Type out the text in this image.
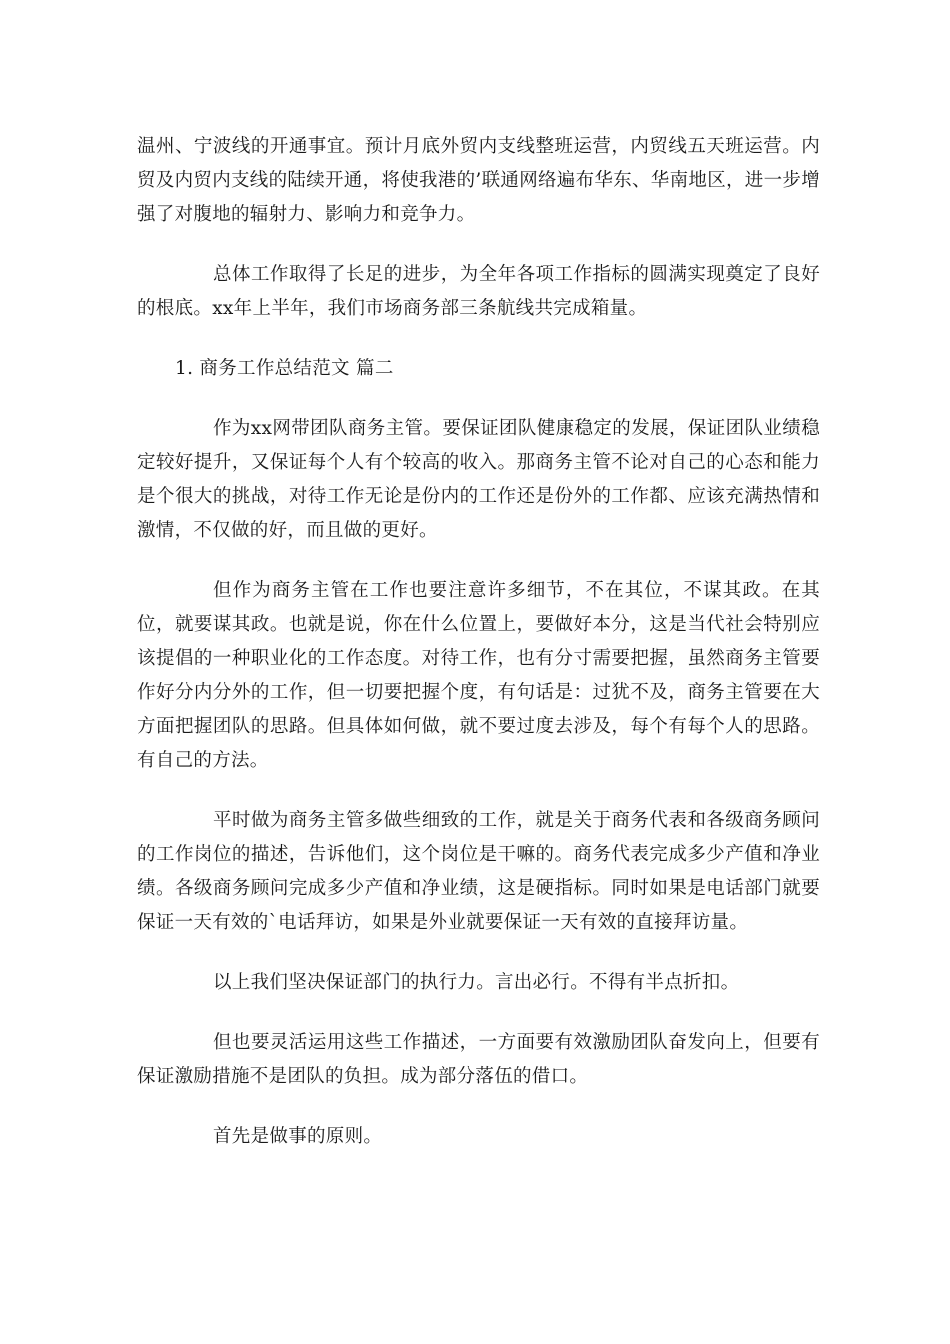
温州、宁波线的开通事宜。预计月底外贸内支线整班运营，内贸线五天班运营。内贸及内贸内支线的陆续开通，将使我港的’联通网络遍布华东、华南地区，进一步增强了对腹地的辐射力、影响力和竞争力。

总体工作取得了长足的进步，为全年各项工作指标的圆满实现奠定了良好的根底。xx年上半年，我们市场商务部三条航线共完成箱量。

1. 商务工作总结范文 篇二

作为xx网带团队商务主管。要保证团队健康稳定的发展，保证团队业绩稳定较好提升，又保证每个人有个较高的收入。那商务主管不论对自己的心态和能力是个很大的挑战，对待工作无论是份内的工作还是份外的工作都、应该充满热情和激情，不仅做的好，而且做的更好。

但作为商务主管在工作也要注意许多细节，不在其位，不谋其政。在其位，就要谋其政。也就是说，你在什么位置上，要做好本分，这是当代社会特别应该提倡的一种职业化的工作态度。对待工作，也有分寸需要把握，虽然商务主管要作好分内分外的工作，但一切要把握个度，有句话是：过犹不及，商务主管要在大方面把握团队的思路。但具体如何做，就不要过度去涉及，每个有每个人的思路。有自己的方法。

平时做为商务主管多做些细致的工作，就是关于商务代表和各级商务顾问的工作岗位的描述，告诉他们，这个岗位是干嘛的。商务代表完成多少产值和净业绩。各级商务顾问完成多少产值和净业绩，这是硬指标。同时如果是电话部门就要保证一天有效的`电话拜访，如果是外业就要保证一天有效的直接拜访量。

以上我们坚决保证部门的执行力。言出必行。不得有半点折扣。

但也要灵活运用这些工作描述，一方面要有效激励团队奋发向上，但要有保证激励措施不是团队的负担。成为部分落伍的借口。

首先是做事的原则。
